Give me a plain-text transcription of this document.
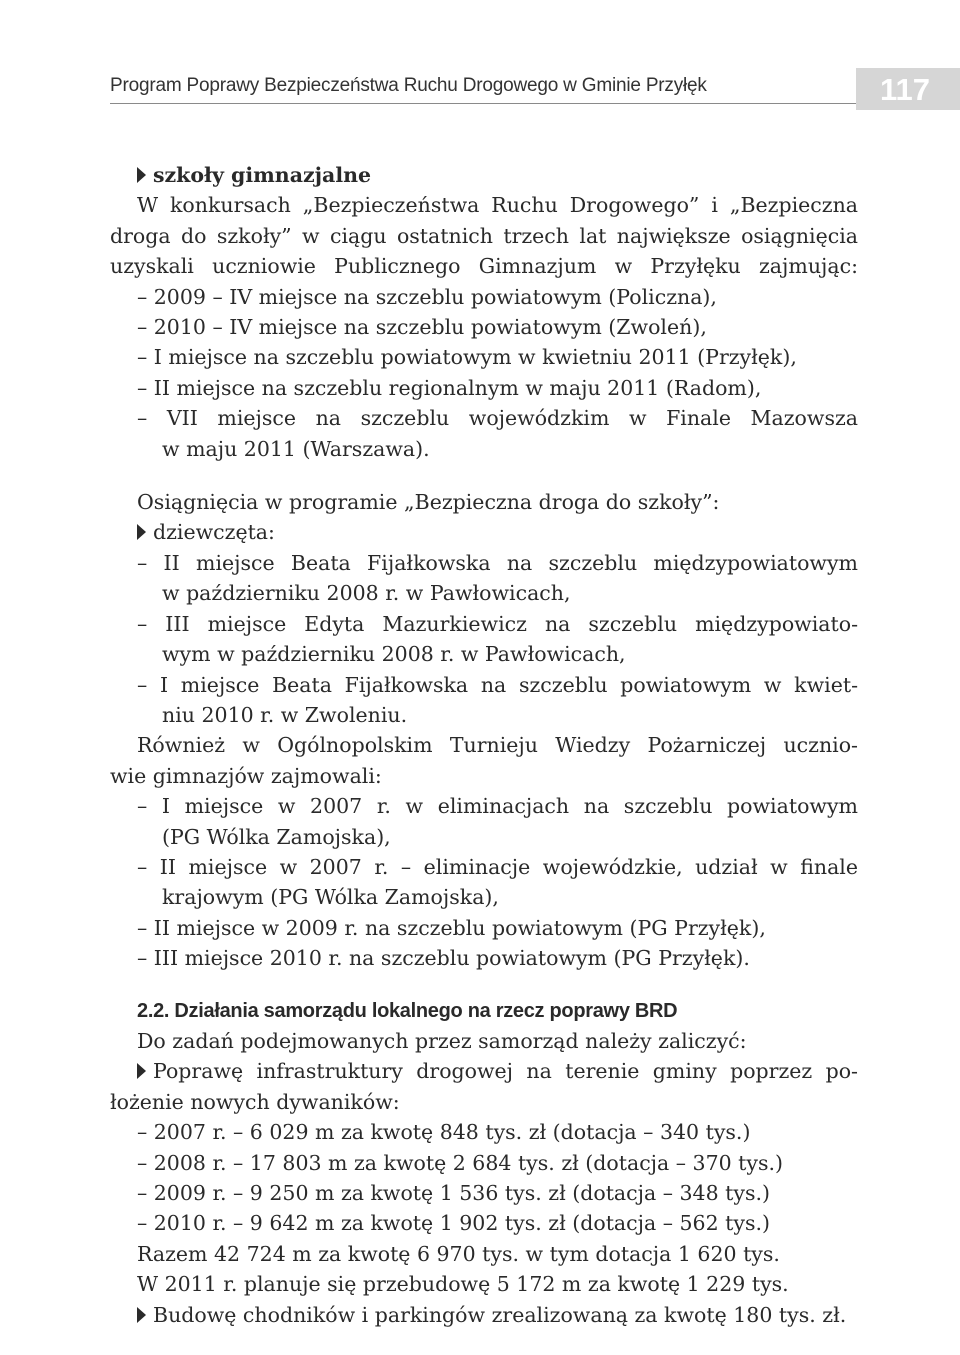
Program Poprawy Bezpieczeństwa Ruchu Drogowego w Gminie Przyłęk	117
szkoły gimnazjalne
W konkursach „Bezpieczeństwa Ruchu Drogowego” i „Bezpieczna
droga do szkoły” w ciągu ostatnich trzech lat największe osiągnięcia
uzyskali uczniowie Publicznego Gimnazjum w Przyłęku zajmując:
– 2009 – IV miejsce na szczeblu powiatowym (Policzna),
– 2010 – IV miejsce na szczeblu powiatowym (Zwoleń),
– I miejsce na szczeblu powiatowym w kwietniu 2011 (Przyłęk),
– II miejsce na szczeblu regionalnym w maju 2011 (Radom),
– VII miejsce na szczeblu wojewódzkim w Finale Mazowsza
w maju 2011 (Warszawa).
Osiągnięcia w programie „Bezpieczna droga do szkoły”:
dziewczęta:
– II miejsce Beata Fijałkowska na szczeblu międzypowiatowym
w październiku 2008 r. w Pawłowicach,
– III miejsce Edyta Mazurkiewicz na szczeblu międzypowiato-
wym w październiku 2008 r. w Pawłowicach,
– I miejsce Beata Fijałkowska na szczeblu powiatowym w kwiet-
niu 2010 r. w Zwoleniu.
Również w Ogólnopolskim Turnieju Wiedzy Pożarniczej ucznio-
wie gimnazjów zajmowali:
– I miejsce w 2007 r. w eliminacjach na szczeblu powiatowym
(PG Wólka Zamojska),
– II miejsce w 2007 r. – eliminacje wojewódzkie, udział w finale
krajowym (PG Wólka Zamojska),
– II miejsce w 2009 r. na szczeblu powiatowym (PG Przyłęk),
– III miejsce 2010 r. na szczeblu powiatowym (PG Przyłęk).
2.2. Działania samorządu lokalnego na rzecz poprawy BRD
Do zadań podejmowanych przez samorząd należy zaliczyć:
Poprawę infrastruktury drogowej na terenie gminy poprzez po-
łożenie nowych dywaników:
– 2007 r. – 6 029 m za kwotę 848 tys. zł (dotacja – 340 tys.)
– 2008 r. – 17 803 m za kwotę 2 684 tys. zł (dotacja – 370 tys.)
– 2009 r. – 9 250 m za kwotę 1 536 tys. zł (dotacja – 348 tys.)
– 2010 r. – 9 642 m za kwotę 1 902 tys. zł (dotacja – 562 tys.)
Razem 42 724 m za kwotę 6 970 tys. w tym dotacja 1 620 tys.
W 2011 r. planuje się przebudowę 5 172 m za kwotę 1 229 tys.
Budowę chodników i parkingów zrealizowaną za kwotę 180 tys. zł.
